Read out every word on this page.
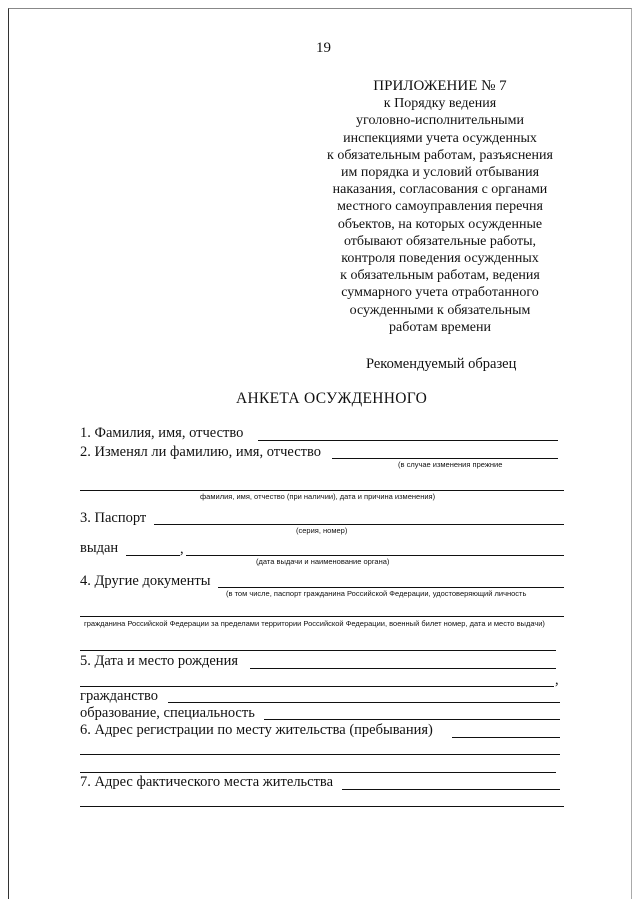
19
ПРИЛОЖЕНИЕ № 7
к Порядку ведения
уголовно-исполнительными
инспекциями учета осужденных
к обязательным работам, разъяснения
им порядка и условий отбывания
наказания, согласования с органами
местного самоуправления перечня
объектов, на которых осужденные
отбывают обязательные работы,
контроля поведения осужденных
к обязательным работам, ведения
суммарного учета отработанного
осужденными к обязательным
работам времени
Рекомендуемый образец
АНКЕТА ОСУЖДЕННОГО
1. Фамилия, имя, отчество
2. Изменял ли фамилию, имя, отчество
(в случае изменения прежние
фамилия, имя, отчество (при наличии), дата и причина изменения)
3. Паспорт
(серия, номер)
выдан	,
(дата выдачи и наименование органа)
4. Другие документы
(в том числе, паспорт гражданина Российской Федерации, удостоверяющий личность
гражданина Российской Федерации за пределами территории Российской Федерации, военный билет номер, дата и место выдачи)
5. Дата и место рождения
,
гражданство
образование, специальность
6. Адрес регистрации по месту жительства (пребывания)
7. Адрес фактического места жительства
